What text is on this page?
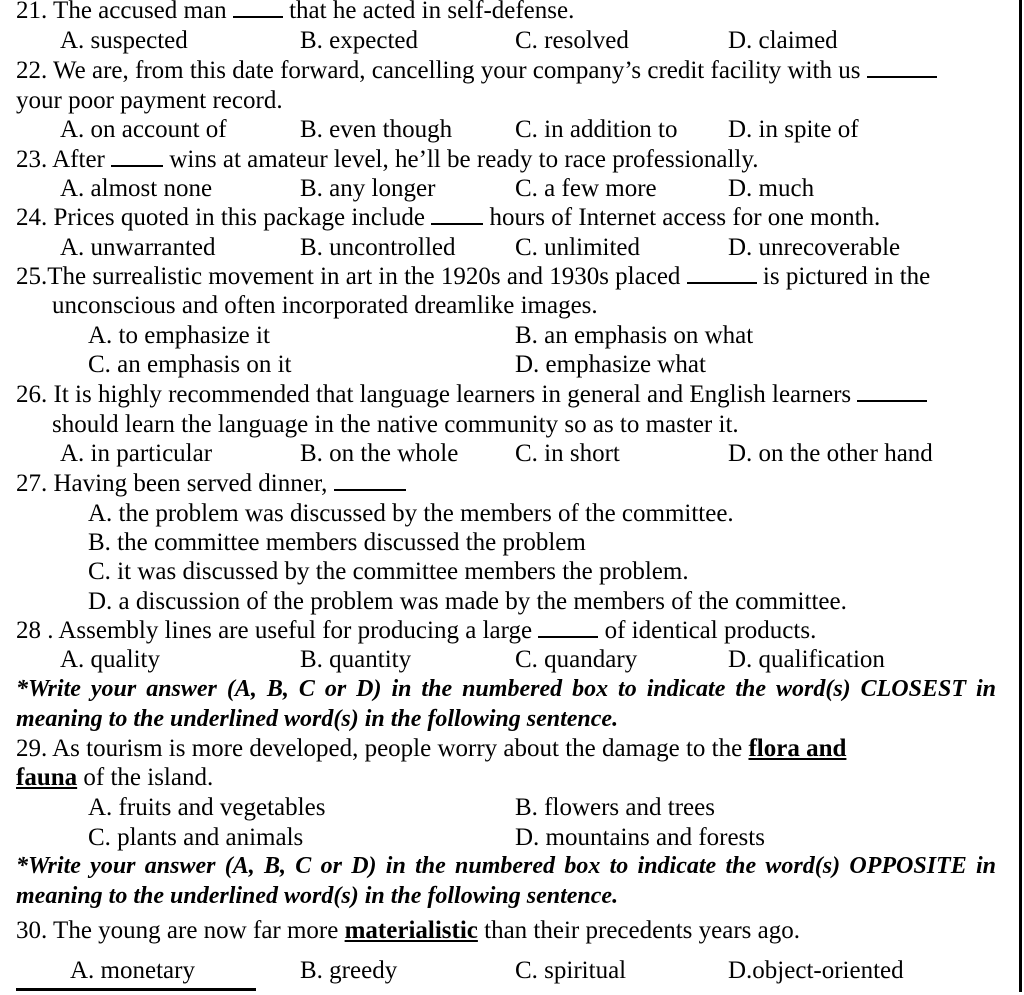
21. The accused man	that he acted in self-defense.
A. suspected	B. expected	C. resolved	D. claimed
22. We are, from this date forward, cancelling your company’s credit facility with us
your poor payment record.
A. on account of	B. even though	C. in addition to D. in spite of
23. After	wins at amateur level, he’ll be ready to race professionally.
A. almost none	B. any longer	C. a few more	D. much
24. Prices quoted in this package include	hours of Internet access for one month.
A. unwarranted	B. uncontrolled C. unlimited	D. unrecoverable
25.The surrealistic movement in art in the 1920s and 1930s placed	is pictured in the
unconscious and often incorporated dreamlike images.
A. to emphasize it	B. an emphasis on what
C. an emphasis on it	D. emphasize what
26. It is highly recommended that language learners in general and English learners
should learn the language in the native community so as to master it.
A. in particular	B. on the whole C. in short	D. on the other hand
27. Having been served dinner,
A. the problem was discussed by the members of the committee.
B. the committee members discussed the problem
C. it was discussed by the committee members the problem.
D. a discussion of the problem was made by the members of the committee.
28 . Assembly lines are useful for producing a large	of identical products.
A. quality	B. quantity	C. quandary	D. qualification
*Write your answer (A, B, C or D) in the numbered box to indicate the word(s) CLOSEST in meaning to the underlined word(s) in the following sentence.
29. As tourism is more developed, people worry about the damage to the flora and
fauna of the island.
A. fruits and vegetables	B. flowers and trees
C. plants and animals	D. mountains and forests
*Write your answer (A, B, C or D) in the numbered box to indicate the word(s) OPPOSITE in meaning to the underlined word(s) in the following sentence.
30. The young are now far more materialistic than their precedents years ago.
A. monetary	B. greedy	C. spiritual	D.object-oriented
